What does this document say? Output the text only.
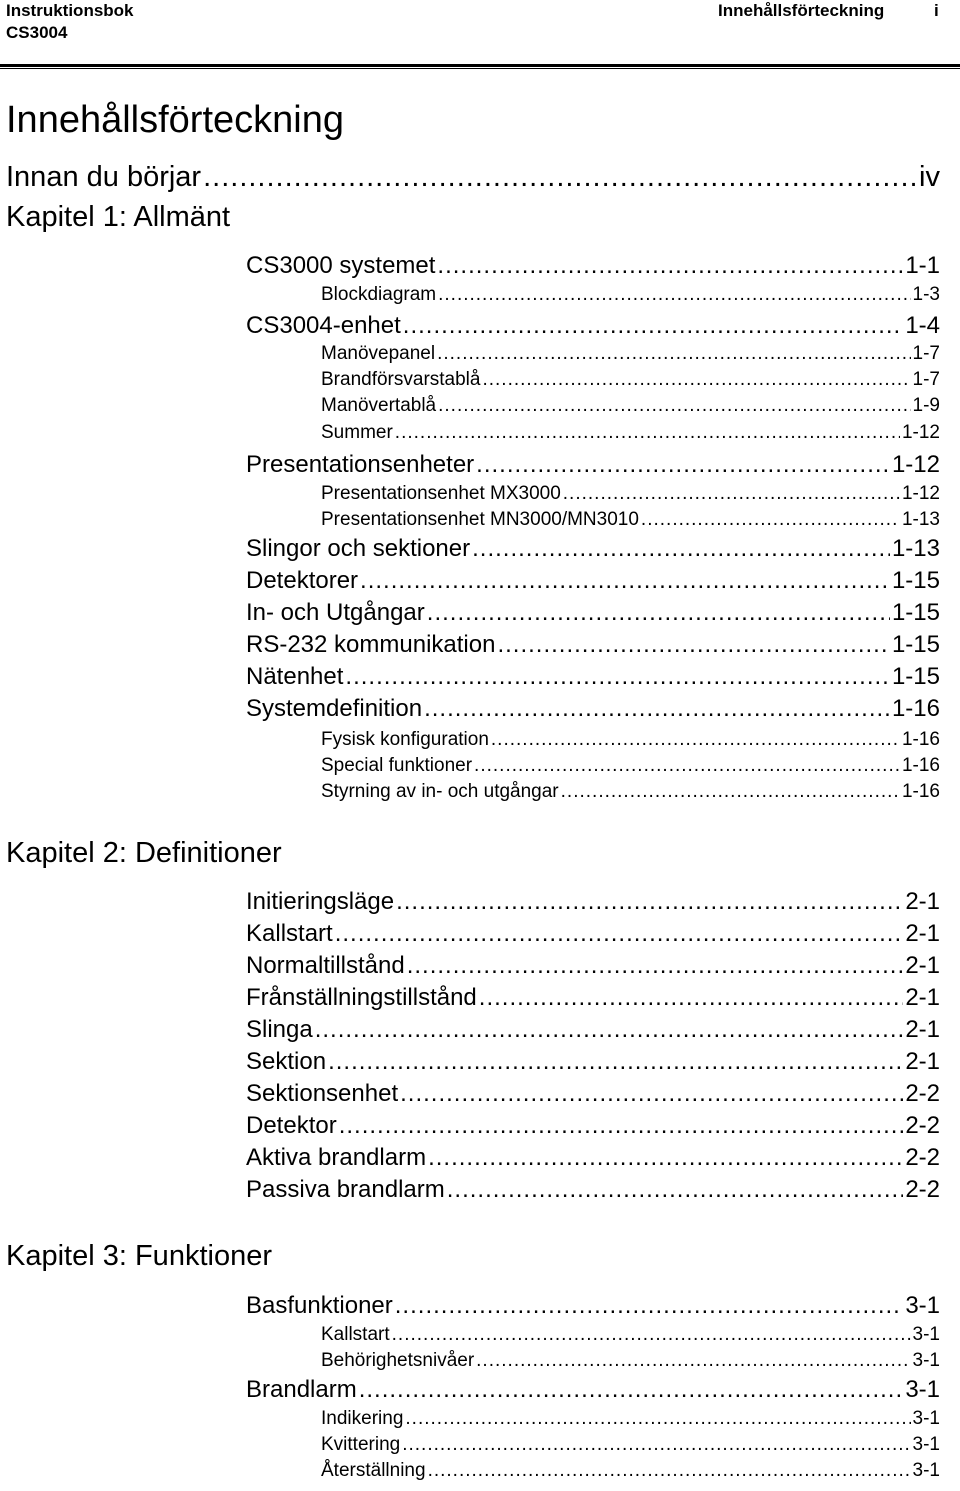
Instruktionsbok
CS3004
Innehållsförteckning	i
Innehållsförteckning
Innan du börjar .....	iv
Kapitel 1: Allmänt
CS3000 systemet .....	1-1
Blockdiagram .....	1-3
CS3004-enhet .....	1-4
Manövepanel .....	1-7
Brandförsvarstablå .....	1-7
Manövertablå .....	1-9
Summer .....	1-12
Presentationsenheter .....	1-12
Presentationsenhet MX3000 .....	1-12
Presentationsenhet MN3000/MN3010 .....	1-13
Slingor och sektioner .....	1-13
Detektorer .....	1-15
In- och Utgångar .....	1-15
RS-232 kommunikation .....	1-15
Nätenhet .....	1-15
Systemdefinition .....	1-16
Fysisk konfiguration .....	1-16
Special funktioner .....	1-16
Styrning av in- och utgångar .....	1-16
Kapitel 2: Definitioner
Initieringsläge .....	2-1
Kallstart .....	2-1
Normaltillstånd .....	2-1
Frånställningstillstånd .....	2-1
Slinga .....	2-1
Sektion .....	2-1
Sektionsenhet .....	2-2
Detektor .....	2-2
Aktiva brandlarm .....	2-2
Passiva brandlarm .....	2-2
Kapitel 3: Funktioner
Basfunktioner .....	3-1
Kallstart .....	3-1
Behörighetsnivåer .....	3-1
Brandlarm .....	3-1
Indikering .....	3-1
Kvittering .....	3-1
Återställning .....	3-1
